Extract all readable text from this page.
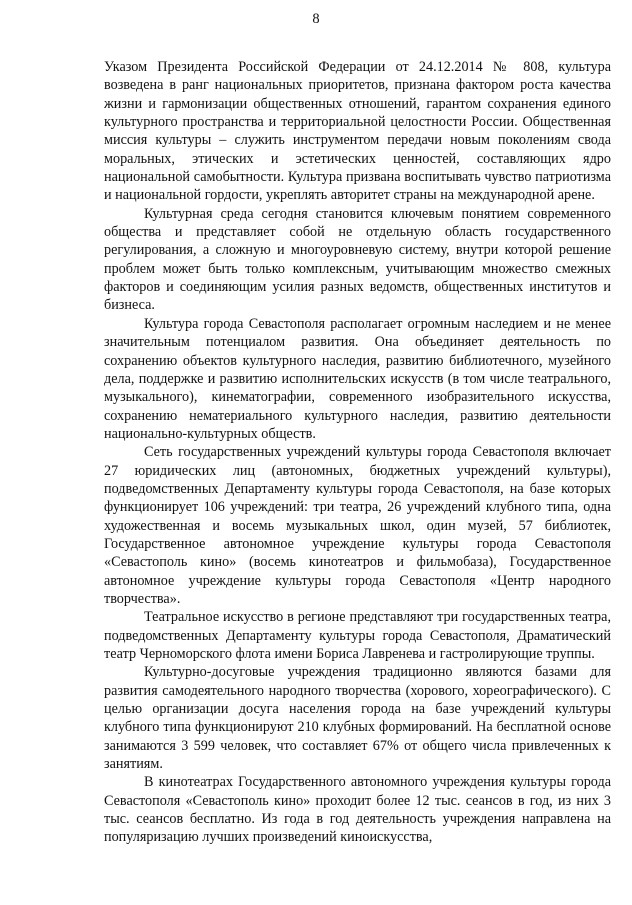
8

Указом Президента Российской Федерации от 24.12.2014 № 808, культура возведена в ранг национальных приоритетов, признана фактором роста качества жизни и гармонизации общественных отношений, гарантом сохранения единого культурного пространства и территориальной целостности России. Общественная миссия культуры – служить инструментом передачи новым поколениям свода моральных, этических и эстетических ценностей, составляющих ядро национальной самобытности. Культура призвана воспитывать чувство патриотизма и национальной гордости, укреплять авторитет страны на международной арене.

Культурная среда сегодня становится ключевым понятием современного общества и представляет собой не отдельную область государственного регулирования, а сложную и многоуровневую систему, внутри которой решение проблем может быть только комплексным, учитывающим множество смежных факторов и соединяющим усилия разных ведомств, общественных институтов и бизнеса.

Культура города Севастополя располагает огромным наследием и не менее значительным потенциалом развития. Она объединяет деятельность по сохранению объектов культурного наследия, развитию библиотечного, музейного дела, поддержке и развитию исполнительских искусств (в том числе театрального, музыкального), кинематографии, современного изобразительного искусства, сохранению нематериального культурного наследия, развитию деятельности национально-культурных обществ.

Сеть государственных учреждений культуры города Севастополя включает 27 юридических лиц (автономных, бюджетных учреждений культуры), подведомственных Департаменту культуры города Севастополя, на базе которых функционирует 106 учреждений: три театра, 26 учреждений клубного типа, одна художественная и восемь музыкальных школ, один музей, 57 библиотек, Государственное автономное учреждение культуры города Севастополя «Севастополь кино» (восемь кинотеатров и фильмобаза), Государственное автономное учреждение культуры города Севастополя «Центр народного творчества».

Театральное искусство в регионе представляют три государственных театра, подведомственных Департаменту культуры города Севастополя, Драматический театр Черноморского флота имени Бориса Лавренева и гастролирующие труппы.

Культурно-досуговые учреждения традиционно являются базами для развития самодеятельного народного творчества (хорового, хореографического). С целью организации досуга населения города на базе учреждений культуры клубного типа функционируют 210 клубных формирований. На бесплатной основе занимаются 3 599 человек, что составляет 67% от общего числа привлеченных к занятиям.

В кинотеатрах Государственного автономного учреждения культуры города Севастополя «Севастополь кино» проходит более 12 тыс. сеансов в год, из них 3 тыс. сеансов бесплатно. Из года в год деятельность учреждения направлена на популяризацию лучших произведений киноискусства,
